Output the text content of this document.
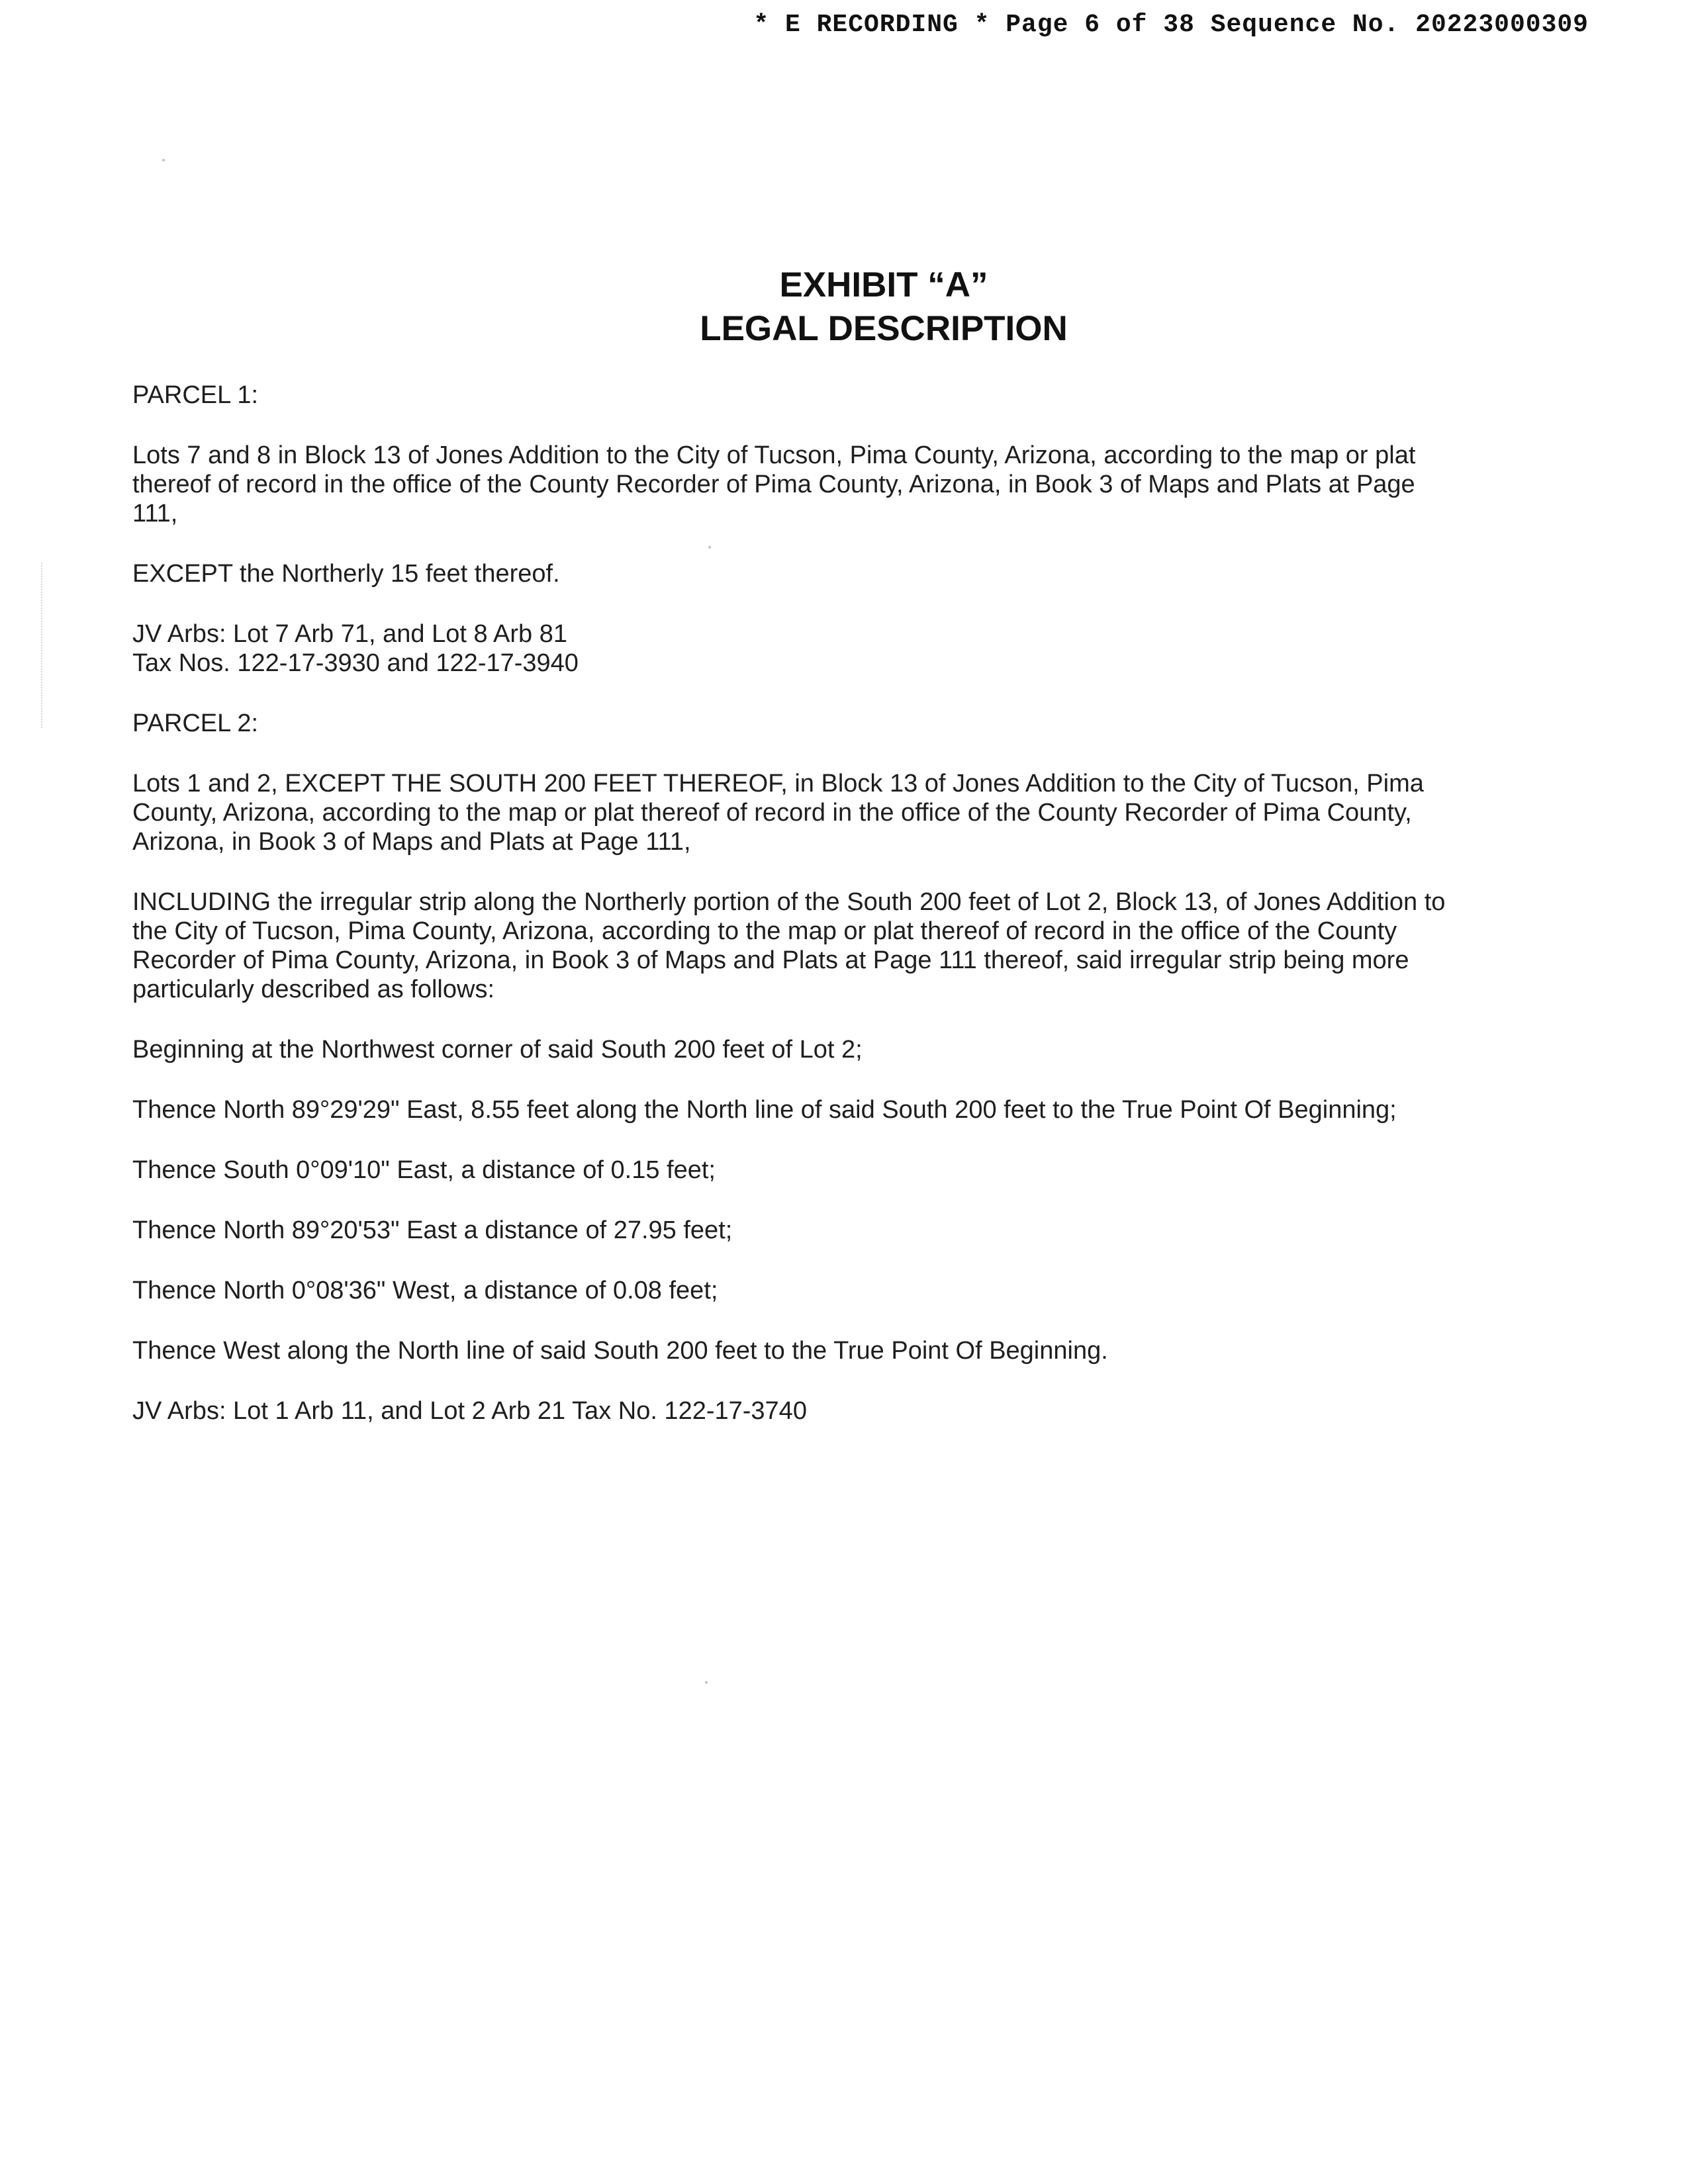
* E RECORDING * Page 6 of 38 Sequence No. 20223000309
EXHIBIT “A”
LEGAL DESCRIPTION
PARCEL 1:
Lots 7 and 8 in Block 13 of Jones Addition to the City of Tucson, Pima County, Arizona, according to the map or plat
thereof of record in the office of the County Recorder of Pima County, Arizona, in Book 3 of Maps and Plats at Page
111,
EXCEPT the Northerly 15 feet thereof.
JV Arbs: Lot 7 Arb 71, and Lot 8 Arb 81
Tax Nos. 122-17-3930 and 122-17-3940
PARCEL 2:
Lots 1 and 2, EXCEPT THE SOUTH 200 FEET THEREOF, in Block 13 of Jones Addition to the City of Tucson, Pima
County, Arizona, according to the map or plat thereof of record in the office of the County Recorder of Pima County,
Arizona, in Book 3 of Maps and Plats at Page 111,
INCLUDING the irregular strip along the Northerly portion of the South 200 feet of Lot 2, Block 13, of Jones Addition to
the City of Tucson, Pima County, Arizona, according to the map or plat thereof of record in the office of the County
Recorder of Pima County, Arizona, in Book 3 of Maps and Plats at Page 111 thereof, said irregular strip being more
particularly described as follows:
Beginning at the Northwest corner of said South 200 feet of Lot 2;
Thence North 89°29'29" East, 8.55 feet along the North line of said South 200 feet to the True Point Of Beginning;
Thence South 0°09'10" East, a distance of 0.15 feet;
Thence North 89°20'53" East a distance of 27.95 feet;
Thence North 0°08'36" West, a distance of 0.08 feet;
Thence West along the North line of said South 200 feet to the True Point Of Beginning.
JV Arbs: Lot 1 Arb 11, and Lot 2 Arb 21 Tax No. 122-17-3740
